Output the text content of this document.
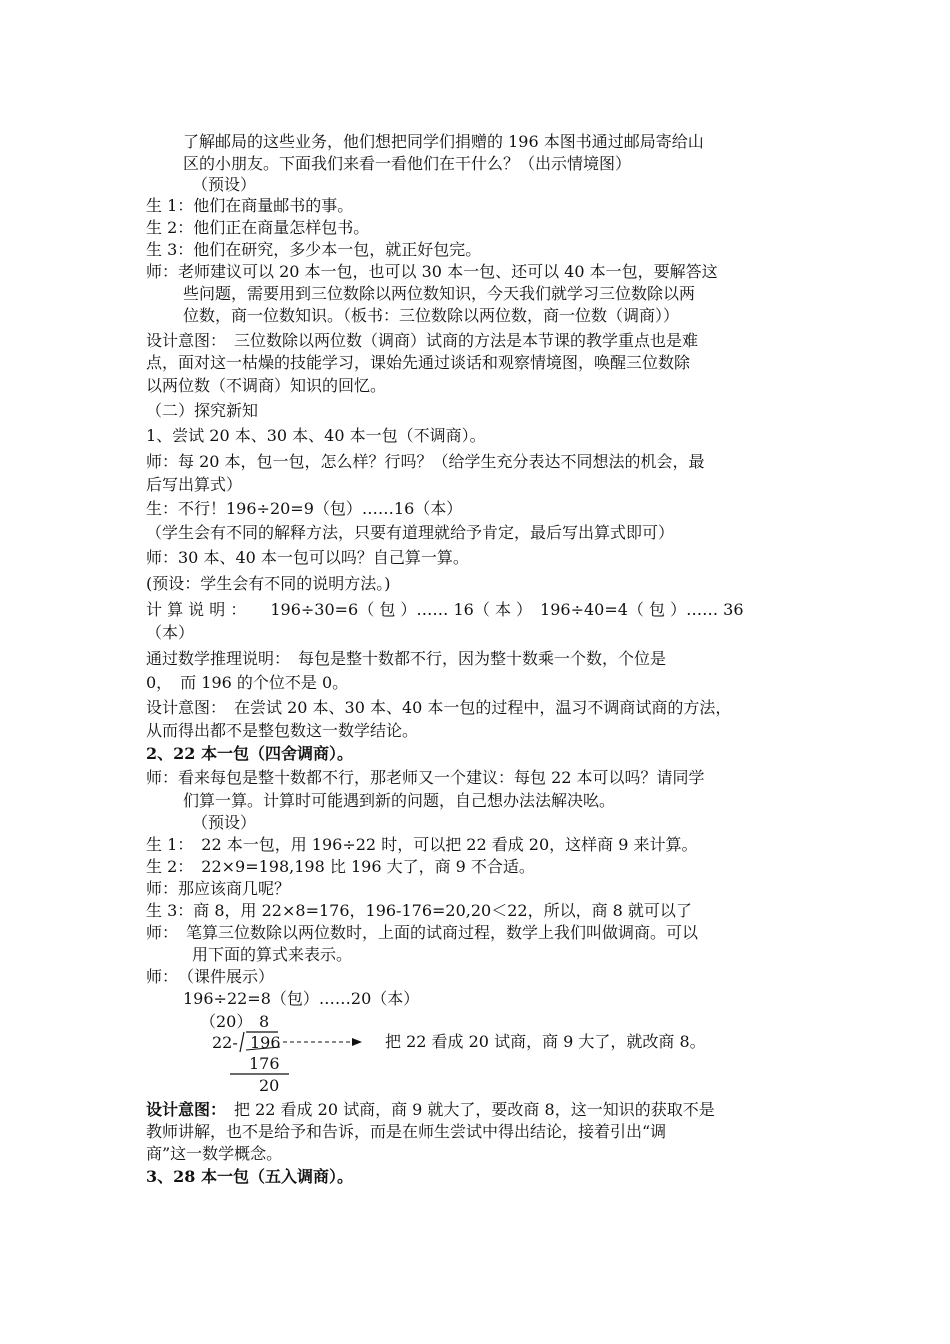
了解邮局的这些业务，他们想把同学们捐赠的 196 本图书通过邮局寄给山
区的小朋友。下面我们来看一看他们在干什么？（出示情境图）
（预设）
生 1：他们在商量邮书的事。
生 2：他们正在商量怎样包书。
生 3：他们在研究，多少本一包，就正好包完。
师：老师建议可以 20 本一包，也可以 30 本一包、还可以 40 本一包，要解答这
些问题，需要用到三位数除以两位数知识，今天我们就学习三位数除以两
位数，商一位数知识。（板书：三位数除以两位数，商一位数（调商））
设计意图：　三位数除以两位数（调商）试商的方法是本节课的教学重点也是难
点，面对这一枯燥的技能学习，课始先通过谈话和观察情境图，唤醒三位数除
以两位数（不调商）知识的回忆。
（二）探究新知
1、尝试 20 本、30 本、40 本一包（不调商）。
师：每 20 本，包一包，怎么样？行吗？（给学生充分表达不同想法的机会，最
后写出算式）
生：不行！196÷20=9（包）……16（本）
（学生会有不同的解释方法，只要有道理就给予肯定，最后写出算式即可）
师：30 本、40 本一包可以吗？自己算一算。
(预设：学生会有不同的说明方法。)
计 算 说 明 ：　　196÷30=6（ 包 ）…… 16（ 本 ）　196÷40=4（ 包 ）…… 36
（本）
通过数学推理说明：　每包是整十数都不行，因为整十数乘一个数，个位是
0，　而 196 的个位不是 0。
设计意图：　在尝试 20 本、30 本、40 本一包的过程中，温习不调商试商的方法，
从而得出都不是整包数这一数学结论。
2、22 本一包（四舍调商）。
师：看来每包是整十数都不行，那老师又一个建议：每包 22 本可以吗？请同学
们算一算。计算时可能遇到新的问题，自己想办法法解决吆。
（预设）
生 1：　22 本一包，用 196÷22 时，可以把 22 看成 20，这样商 9 来计算。
生 2：　22×9=198,198 比 196 大了，商 9 不合适。
师：那应该商几呢？
生 3：商 8，用 22×8=176，196-176=20,20＜22，所以，商 8 就可以了
师：　笔算三位数除以两位数时，上面的试商过程，数学上我们叫做调商。可以
用下面的算式来表示。
师：　（课件展示）
196÷22=8（包）……20（本）
（20） 8
22- 196
176
20
把 22 看成 20 试商，商 9 大了，就改商 8。
设计意图：　把 22 看成 20 试商，商 9 就大了，要改商 8，这一知识的获取不是
教师讲解，也不是给予和告诉，而是在师生尝试中得出结论，接着引出“调
商”这一数学概念。
3、28 本一包（五入调商）。
